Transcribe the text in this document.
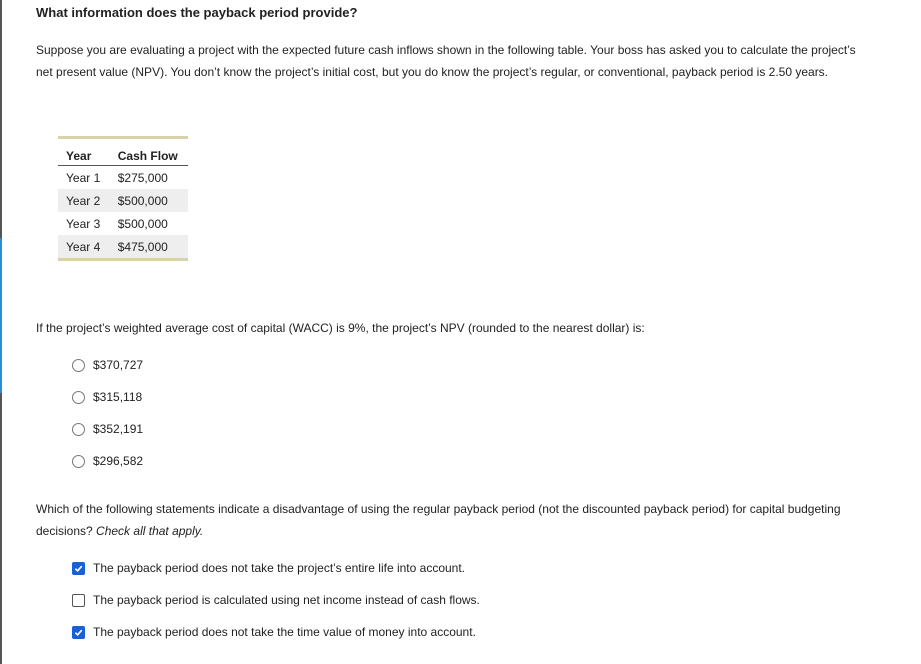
What information does the payback period provide?
Suppose you are evaluating a project with the expected future cash inflows shown in the following table. Your boss has asked you to calculate the project’s net present value (NPV). You don’t know the project’s initial cost, but you do know the project’s regular, or conventional, payback period is 2.50 years.
Year	Cash Flow
Year 1	$275,000
Year 2	$500,000
Year 3	$500,000
Year 4	$475,000
If the project’s weighted average cost of capital (WACC) is 9%, the project’s NPV (rounded to the nearest dollar) is:
$370,727
$315,118
$352,191
$296,582
Which of the following statements indicate a disadvantage of using the regular payback period (not the discounted payback period) for capital budgeting decisions? Check all that apply.
The payback period does not take the project’s entire life into account.
The payback period is calculated using net income instead of cash flows.
The payback period does not take the time value of money into account.
